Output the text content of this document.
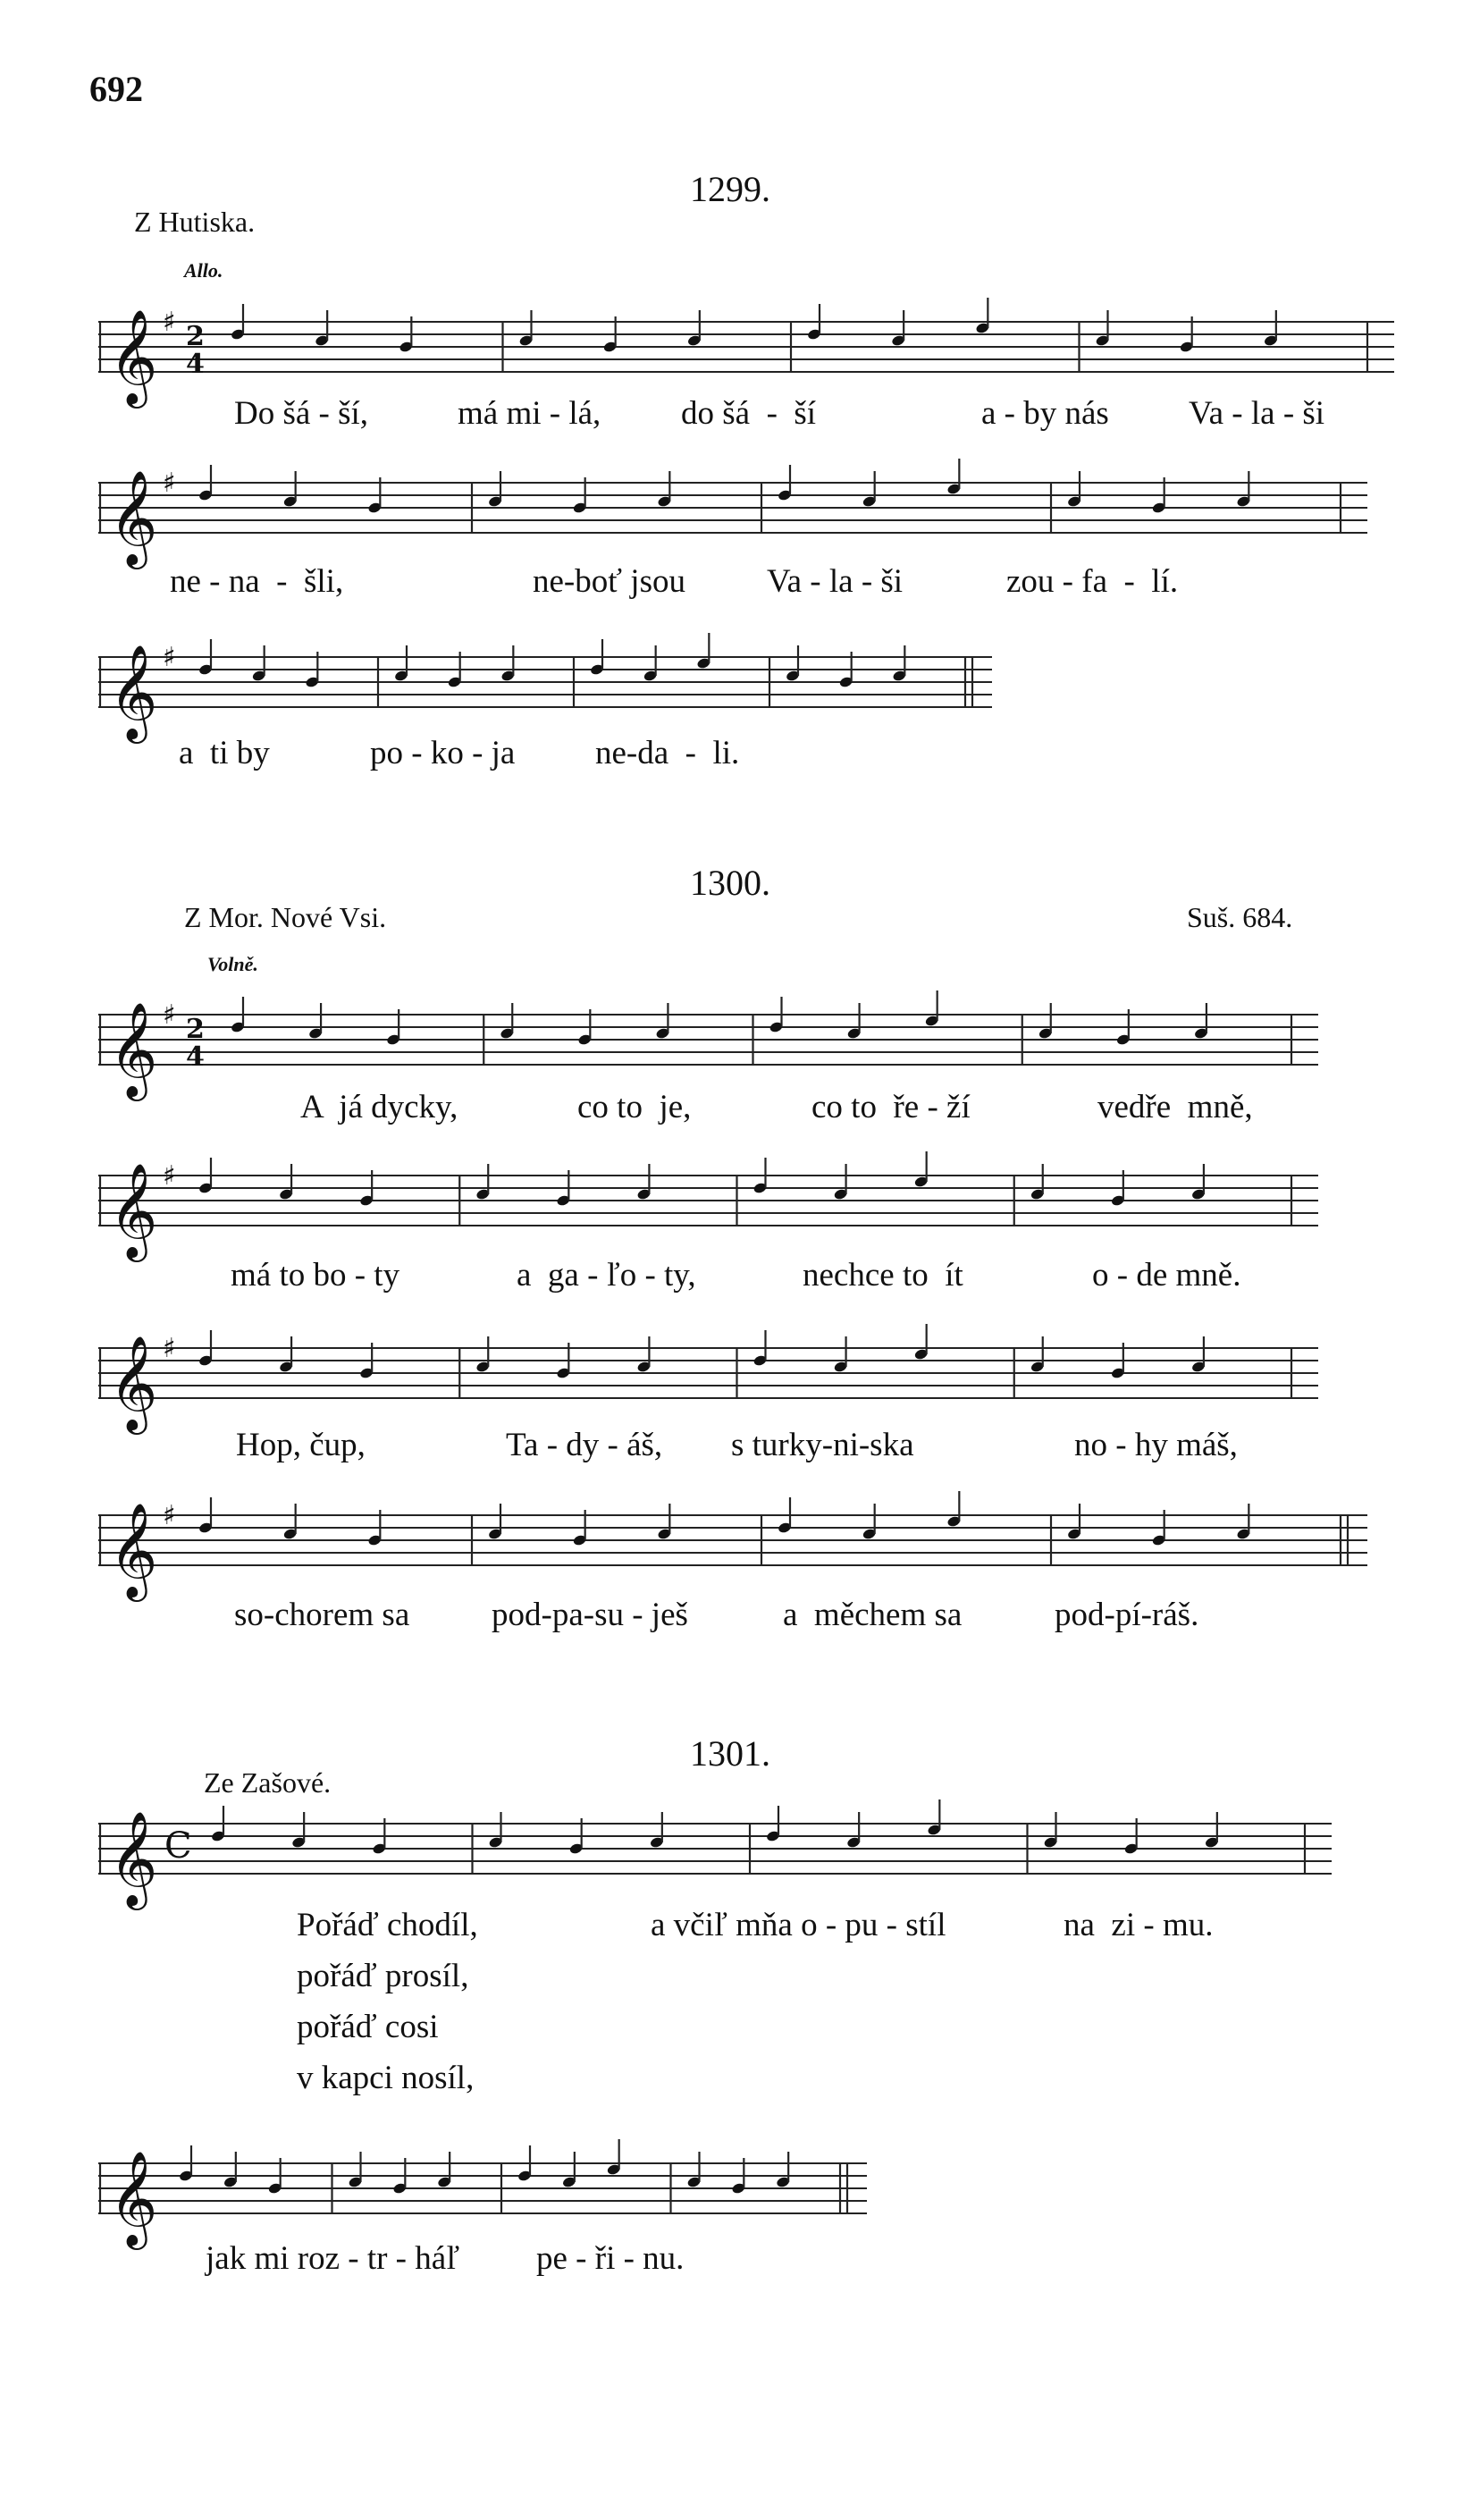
692
1299.
Z Hutiska.
Allo.
𝄞 ♯ 2
4
Do šá - ší,	má mi - lá, do šá  -  ší	a - by nás Va - la - ši
𝄞 ♯
ne - na  -  šli,	ne-boť jsou Va - la - ši	zou - fa  -  lí.
𝄞 ♯
a  ti by	po - ko - ja ne-da  -  li.
1300.
Z Mor. Nové Vsi.	Suš. 684.
Volně.
𝄞 ♯ 2
4
A  já dycky,	co to  je,	co to  ře - ží	vedře  mně,
𝄞 ♯
má to bo - ty	a  ga - ľo - ty,	nechce to  ít	o - de mně.
𝄞 ♯
Hop, čup,	Ta - dy - áš, s turky-ni-ska	no - hy máš,
𝄞 ♯
so-chorem sa pod-pa-su - ješ	a  měchem sa	pod-pí-ráš.
1301.
Ze Zašové.
𝄞 C
Pořáď chodíl,	a včiľ mňa o - pu - stíl	na  zi - mu.
pořáď prosíl,
pořáď cosi
v kapci nosíl,
𝄞
jak mi roz - tr - háľ pe - ři - nu.
